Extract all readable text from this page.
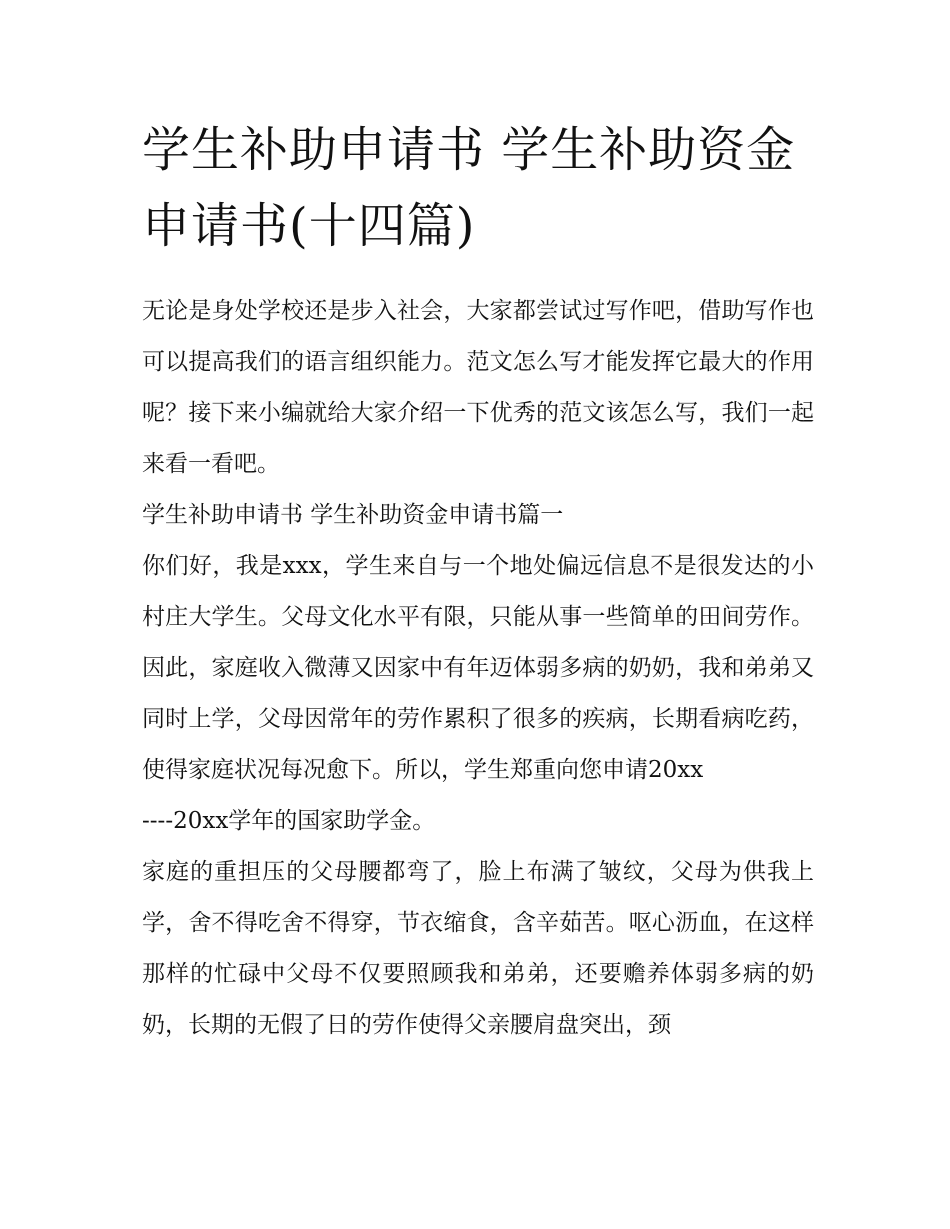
学生补助申请书 学生补助资金申请书(十四篇)

无论是身处学校还是步入社会，大家都尝试过写作吧，借助写作也可以提高我们的语言组织能力。范文怎么写才能发挥它最大的作用呢？接下来小编就给大家介绍一下优秀的范文该怎么写，我们一起来看一看吧。

学生补助申请书 学生补助资金申请书篇一

你们好，我是xxx，学生来自与一个地处偏远信息不是很发达的小村庄大学生。父母文化水平有限，只能从事一些简单的田间劳作。因此，家庭收入微薄又因家中有年迈体弱多病的奶奶，我和弟弟又同时上学，父母因常年的劳作累积了很多的疾病，长期看病吃药，使得家庭状况每况愈下。所以，学生郑重向您申请20xx

----20xx学年的国家助学金。

家庭的重担压的父母腰都弯了，脸上布满了皱纹，父母为供我上学，舍不得吃舍不得穿，节衣缩食，含辛茹苦。呕心沥血，在这样那样的忙碌中父母不仅要照顾我和弟弟，还要赡养体弱多病的奶奶，长期的无假了日的劳作使得父亲腰肩盘突出，颈
